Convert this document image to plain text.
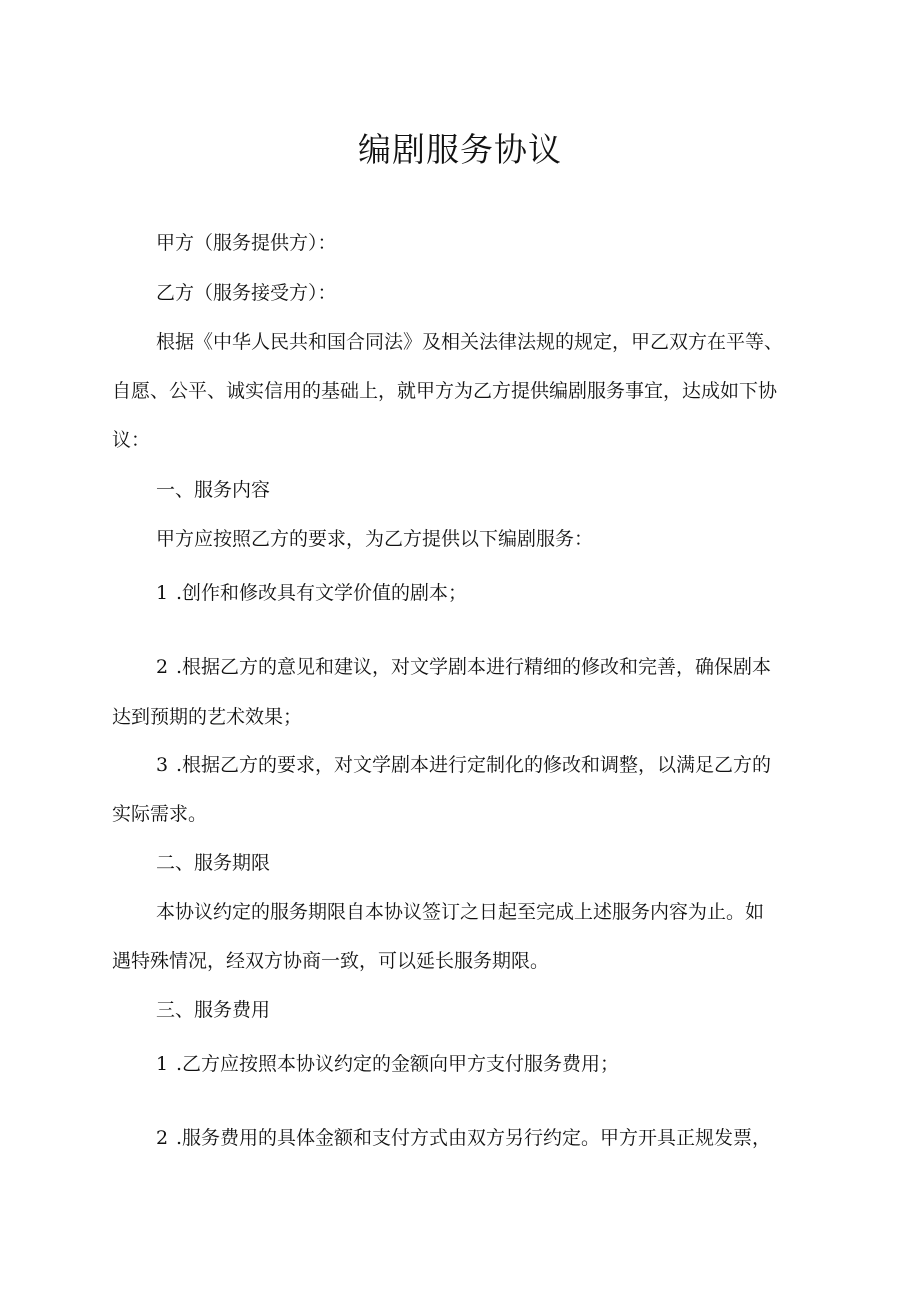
编剧服务协议

甲方（服务提供方）：

乙方（服务接受方）：

根据《中华人民共和国合同法》及相关法律法规的规定，甲乙双方在平等、

自愿、公平、诚实信用的基础上，就甲方为乙方提供编剧服务事宜，达成如下协

议：

一、服务内容

甲方应按照乙方的要求，为乙方提供以下编剧服务：

1 .创作和修改具有文学价值的剧本；

2 .根据乙方的意见和建议，对文学剧本进行精细的修改和完善，确保剧本

达到预期的艺术效果；

3 .根据乙方的要求，对文学剧本进行定制化的修改和调整，以满足乙方的

实际需求。

二、服务期限

本协议约定的服务期限自本协议签订之日起至完成上述服务内容为止。如

遇特殊情况，经双方协商一致，可以延长服务期限。

三、服务费用

1 .乙方应按照本协议约定的金额向甲方支付服务费用；

2 .服务费用的具体金额和支付方式由双方另行约定。甲方开具正规发票，
